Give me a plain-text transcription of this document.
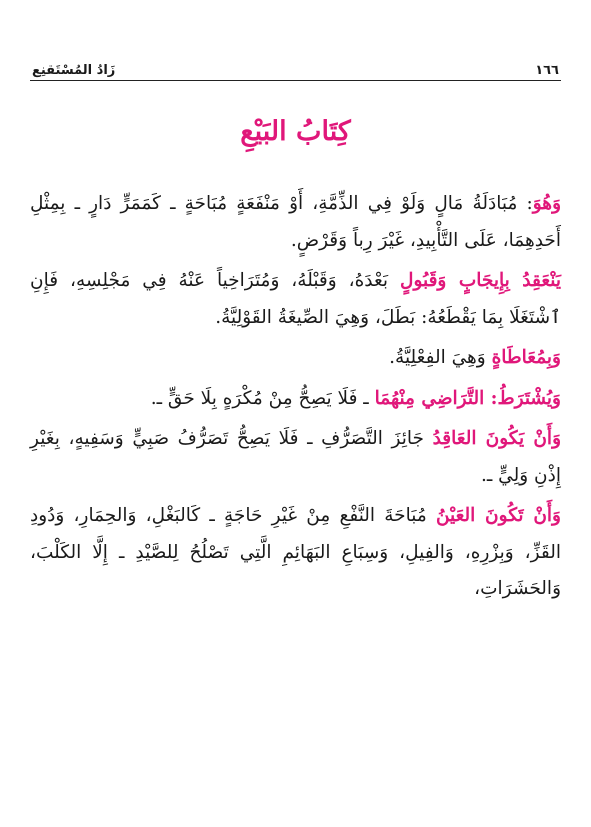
١٦٦
زَادُ المُسْتَقنِع
كِتَابُ البَيْعِ

وَهُوَ: مُبَادَلَةُ مَالٍ وَلَوْ فِي الذِّمَّةِ، أَوْ مَنْفَعَةٍ مُبَاحَةٍ ـ كَمَمَرٍّ دَارٍ ـ بِمِثْلِ أَحَدِهِمَا، عَلَى التَّأْبِيدِ، غَيْرَ رِباً وَقَرْضٍ.

يَنْعَقِدُ بِإِيجَابٍ وَقَبُولٍ بَعْدَهُ، وَقَبْلَهُ، وَمُتَرَاخِياً عَنْهُ فِي مَجْلِسِهِ، فَإِنِ ٱشْتَغَلَا بِمَا يَقْطَعُهُ: بَطَلَ، وَهِيَ الصِّيغَةُ القَوْلِيَّةُ.

وَبِمُعَاطَاةٍ وَهِيَ الفِعْلِيَّةُ.

وَيُشْتَرَطُ: التَّرَاضِي مِنْهُمَا ـ فَلَا يَصِحُّ مِنْ مُكْرَهٍ بِلَا حَقٍّ ـ.

وَأَنْ يَكُونَ العَاقِدُ جَائِزَ التَّصَرُّفِ ـ فَلَا يَصِحُّ تَصَرُّفُ صَبِيٍّ وَسَفِيهٍ، بِغَيْرِ إِذْنِ وَلِيٍّ ـ.

وَأَنْ تَكُونَ العَيْنُ مُبَاحَةَ النَّفْعِ مِنْ غَيْرِ حَاجَةٍ ـ كَالبَغْلِ، وَالحِمَارِ، وَدُودِ القَزِّ، وَبِزْرِهِ، وَالفِيلِ، وَسِبَاعِ البَهَائِمِ الَّتِي تَصْلُحُ لِلصَّيْدِ ـ إِلَّا الكَلْبَ، وَالحَشَرَاتِ،
